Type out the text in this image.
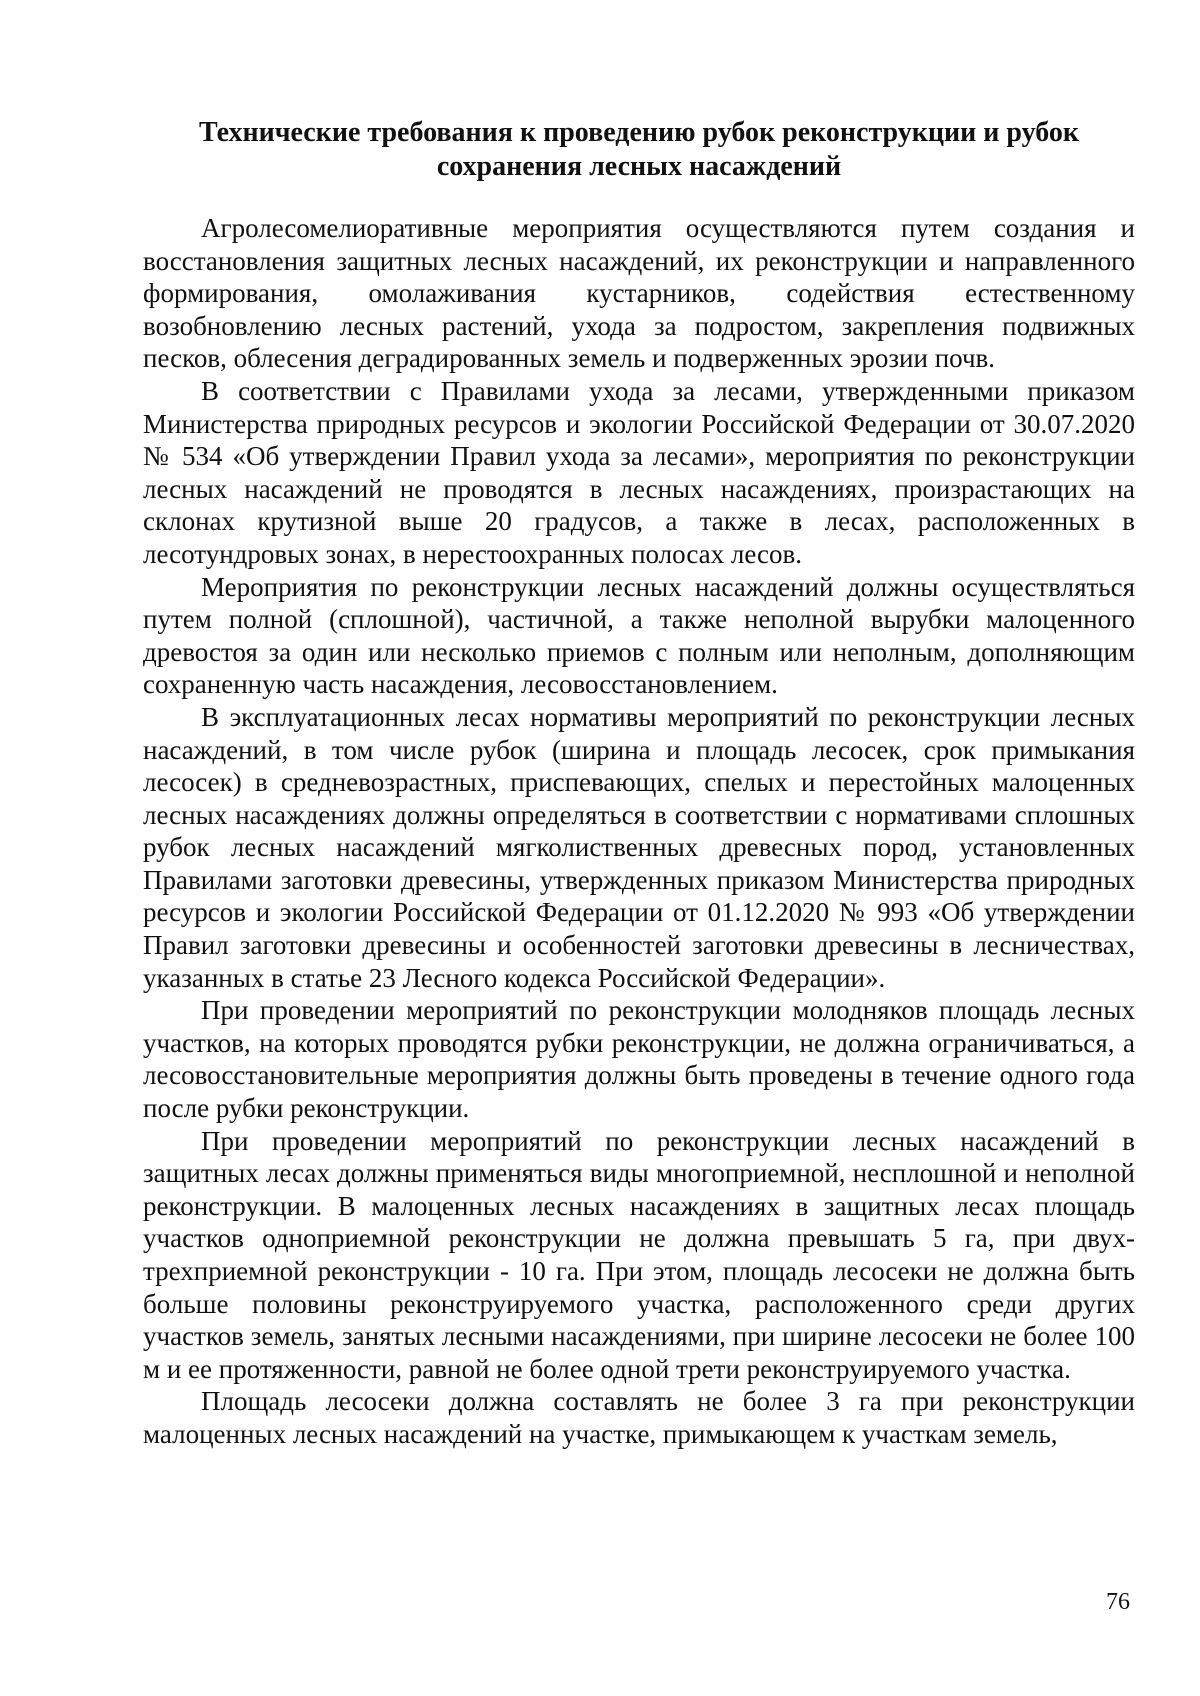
Технические требования к проведению рубок реконструкции и рубок
сохранения лесных насаждений

Агролесомелиоративные мероприятия осуществляются путем создания и восстановления защитных лесных насаждений, их реконструкции и направленного формирования, омолаживания кустарников, содействия естественному возобновлению лесных растений, ухода за подростом, закрепления подвижных песков, облесения деградированных земель и подверженных эрозии почв.

В соответствии с Правилами ухода за лесами, утвержденными приказом Министерства природных ресурсов и экологии Российской Федерации от 30.07.2020 № 534 «Об утверждении Правил ухода за лесами», мероприятия по реконструкции лесных насаждений не проводятся в лесных насаждениях, произрастающих на склонах крутизной выше 20 градусов, а также в лесах, расположенных в лесотундровых зонах, в нерестоохранных полосах лесов.

Мероприятия по реконструкции лесных насаждений должны осуществляться путем полной (сплошной), частичной, а также неполной вырубки малоценного древостоя за один или несколько приемов с полным или неполным, дополняющим сохраненную часть насаждения, лесовосстановлением.

В эксплуатационных лесах нормативы мероприятий по реконструкции лесных насаждений, в том числе рубок (ширина и площадь лесосек, срок примыкания лесосек) в средневозрастных, приспевающих, спелых и перестойных малоценных лесных насаждениях должны определяться в соответствии с нормативами сплошных рубок лесных насаждений мягколиственных древесных пород, установленных Правилами заготовки древесины, утвержденных приказом Министерства природных ресурсов и экологии Российской Федерации от 01.12.2020 № 993 «Об утверждении Правил заготовки древесины и особенностей заготовки древесины в лесничествах, указанных в статье 23 Лесного кодекса Российской Федерации».

При проведении мероприятий по реконструкции молодняков площадь лесных участков, на которых проводятся рубки реконструкции, не должна ограничиваться, а лесовосстановительные мероприятия должны быть проведены в течение одного года после рубки реконструкции.

При проведении мероприятий по реконструкции лесных насаждений в защитных лесах должны применяться виды многоприемной, несплошной и неполной реконструкции. В малоценных лесных насаждениях в защитных лесах площадь участков одноприемной реконструкции не должна превышать 5 га, при двух-трехприемной реконструкции - 10 га. При этом, площадь лесосеки не должна быть больше половины реконструируемого участка, расположенного среди других участков земель, занятых лесными насаждениями, при ширине лесосеки не более 100 м и ее протяженности, равной не более одной трети реконструируемого участка.

Площадь лесосеки должна составлять не более 3 га при реконструкции малоценных лесных насаждений на участке, примыкающем к участкам земель,

76
